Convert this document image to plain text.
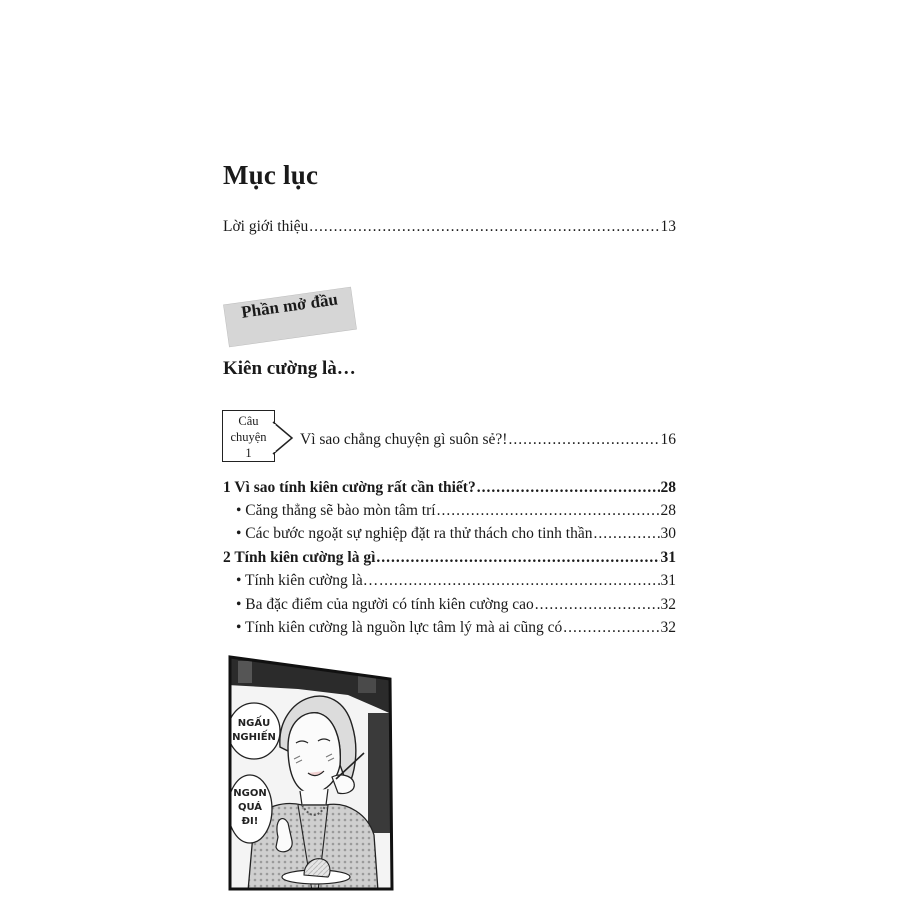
Mục lục
Lời giới thiệu .....	13
Phần mở đầu
Kiên cường là…
Câu
chuyện
1
Vì sao chẳng chuyện gì suôn sẻ?! .....	16
1 Vì sao tính kiên cường rất cần thiết? .....	28
• Căng thẳng sẽ bào mòn tâm trí .....	28
• Các bước ngoặt sự nghiệp đặt ra thử thách cho tinh thần .....	30
2 Tính kiên cường là gì .....	31
• Tính kiên cường là… .....	31
• Ba đặc điểm của người có tính kiên cường cao .....	32
• Tính kiên cường là nguồn lực tâm lý mà ai cũng có .....	32
NGẤU
NGHIẾN
NGON
QUÁ
ĐI!
